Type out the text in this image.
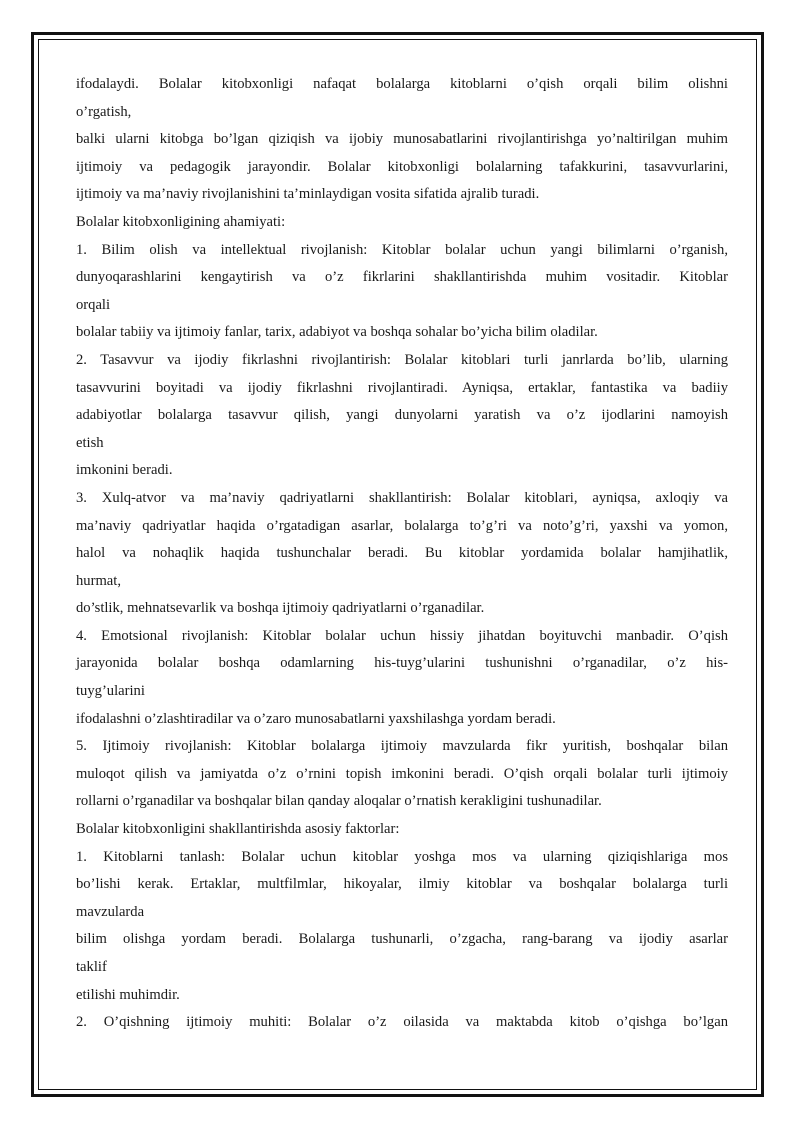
ifodalaydi. Bolalar kitobxonligi nafaqat bolalarga kitoblarni o’qish orqali bilim olishni
o’rgatish,
balki ularni kitobga bo’lgan qiziqish va ijobiy munosabatlarini rivojlantirishga yo’naltirilgan muhim
ijtimoiy va pedagogik jarayondir. Bolalar kitobxonligi bolalarning tafakkurini, tasavvurlarini,
ijtimoiy va ma’naviy rivojlanishini ta’minlaydigan vosita sifatida ajralib turadi.
Bolalar kitobxonligining ahamiyati:
1. Bilim olish va intellektual rivojlanish: Kitoblar bolalar uchun yangi bilimlarni o’rganish,
dunyoqarashlarini kengaytirish va o’z fikrlarini shakllantirishda muhim vositadir. Kitoblar
orqali
bolalar tabiiy va ijtimoiy fanlar, tarix, adabiyot va boshqa sohalar bo’yicha bilim oladilar.
2. Tasavvur va ijodiy fikrlashni rivojlantirish: Bolalar kitoblari turli janrlarda bo’lib, ularning
tasavvurini boyitadi va ijodiy fikrlashni rivojlantiradi. Ayniqsa, ertaklar, fantastika va badiiy
adabiyotlar bolalarga tasavvur qilish, yangi dunyolarni yaratish va o’z ijodlarini namoyish
etish
imkonini beradi.
3. Xulq-atvor va ma’naviy qadriyatlarni shakllantirish: Bolalar kitoblari, ayniqsa, axloqiy va
ma’naviy qadriyatlar haqida o’rgatadigan asarlar, bolalarga to’g’ri va noto’g’ri, yaxshi va yomon,
halol va nohaqlik haqida tushunchalar beradi. Bu kitoblar yordamida bolalar hamjihatlik,
hurmat,
do’stlik, mehnatsevarlik va boshqa ijtimoiy qadriyatlarni o’rganadilar.
4. Emotsional rivojlanish: Kitoblar bolalar uchun hissiy jihatdan boyituvchi manbadir. O’qish
jarayonida bolalar boshqa odamlarning his-tuyg’ularini tushunishni o’rganadilar, o’z his-
tuyg’ularini
ifodalashni o’zlashtiradilar va o’zaro munosabatlarni yaxshilashga yordam beradi.
5. Ijtimoiy rivojlanish: Kitoblar bolalarga ijtimoiy mavzularda fikr yuritish, boshqalar bilan
muloqot qilish va jamiyatda o’z o’rnini topish imkonini beradi. O’qish orqali bolalar turli ijtimoiy
rollarni o’rganadilar va boshqalar bilan qanday aloqalar o’rnatish kerakligini tushunadilar.
Bolalar kitobxonligini shakllantirishda asosiy faktorlar:
1. Kitoblarni tanlash: Bolalar uchun kitoblar yoshga mos va ularning qiziqishlariga mos
bo’lishi kerak. Ertaklar, multfilmlar, hikoyalar, ilmiy kitoblar va boshqalar bolalarga turli
mavzularda
bilim olishga yordam beradi. Bolalarga tushunarli, o’zgacha, rang-barang va ijodiy asarlar
taklif
etilishi muhimdir.
2. O’qishning ijtimoiy muhiti: Bolalar o’z oilasida va maktabda kitob o’qishga bo’lgan
